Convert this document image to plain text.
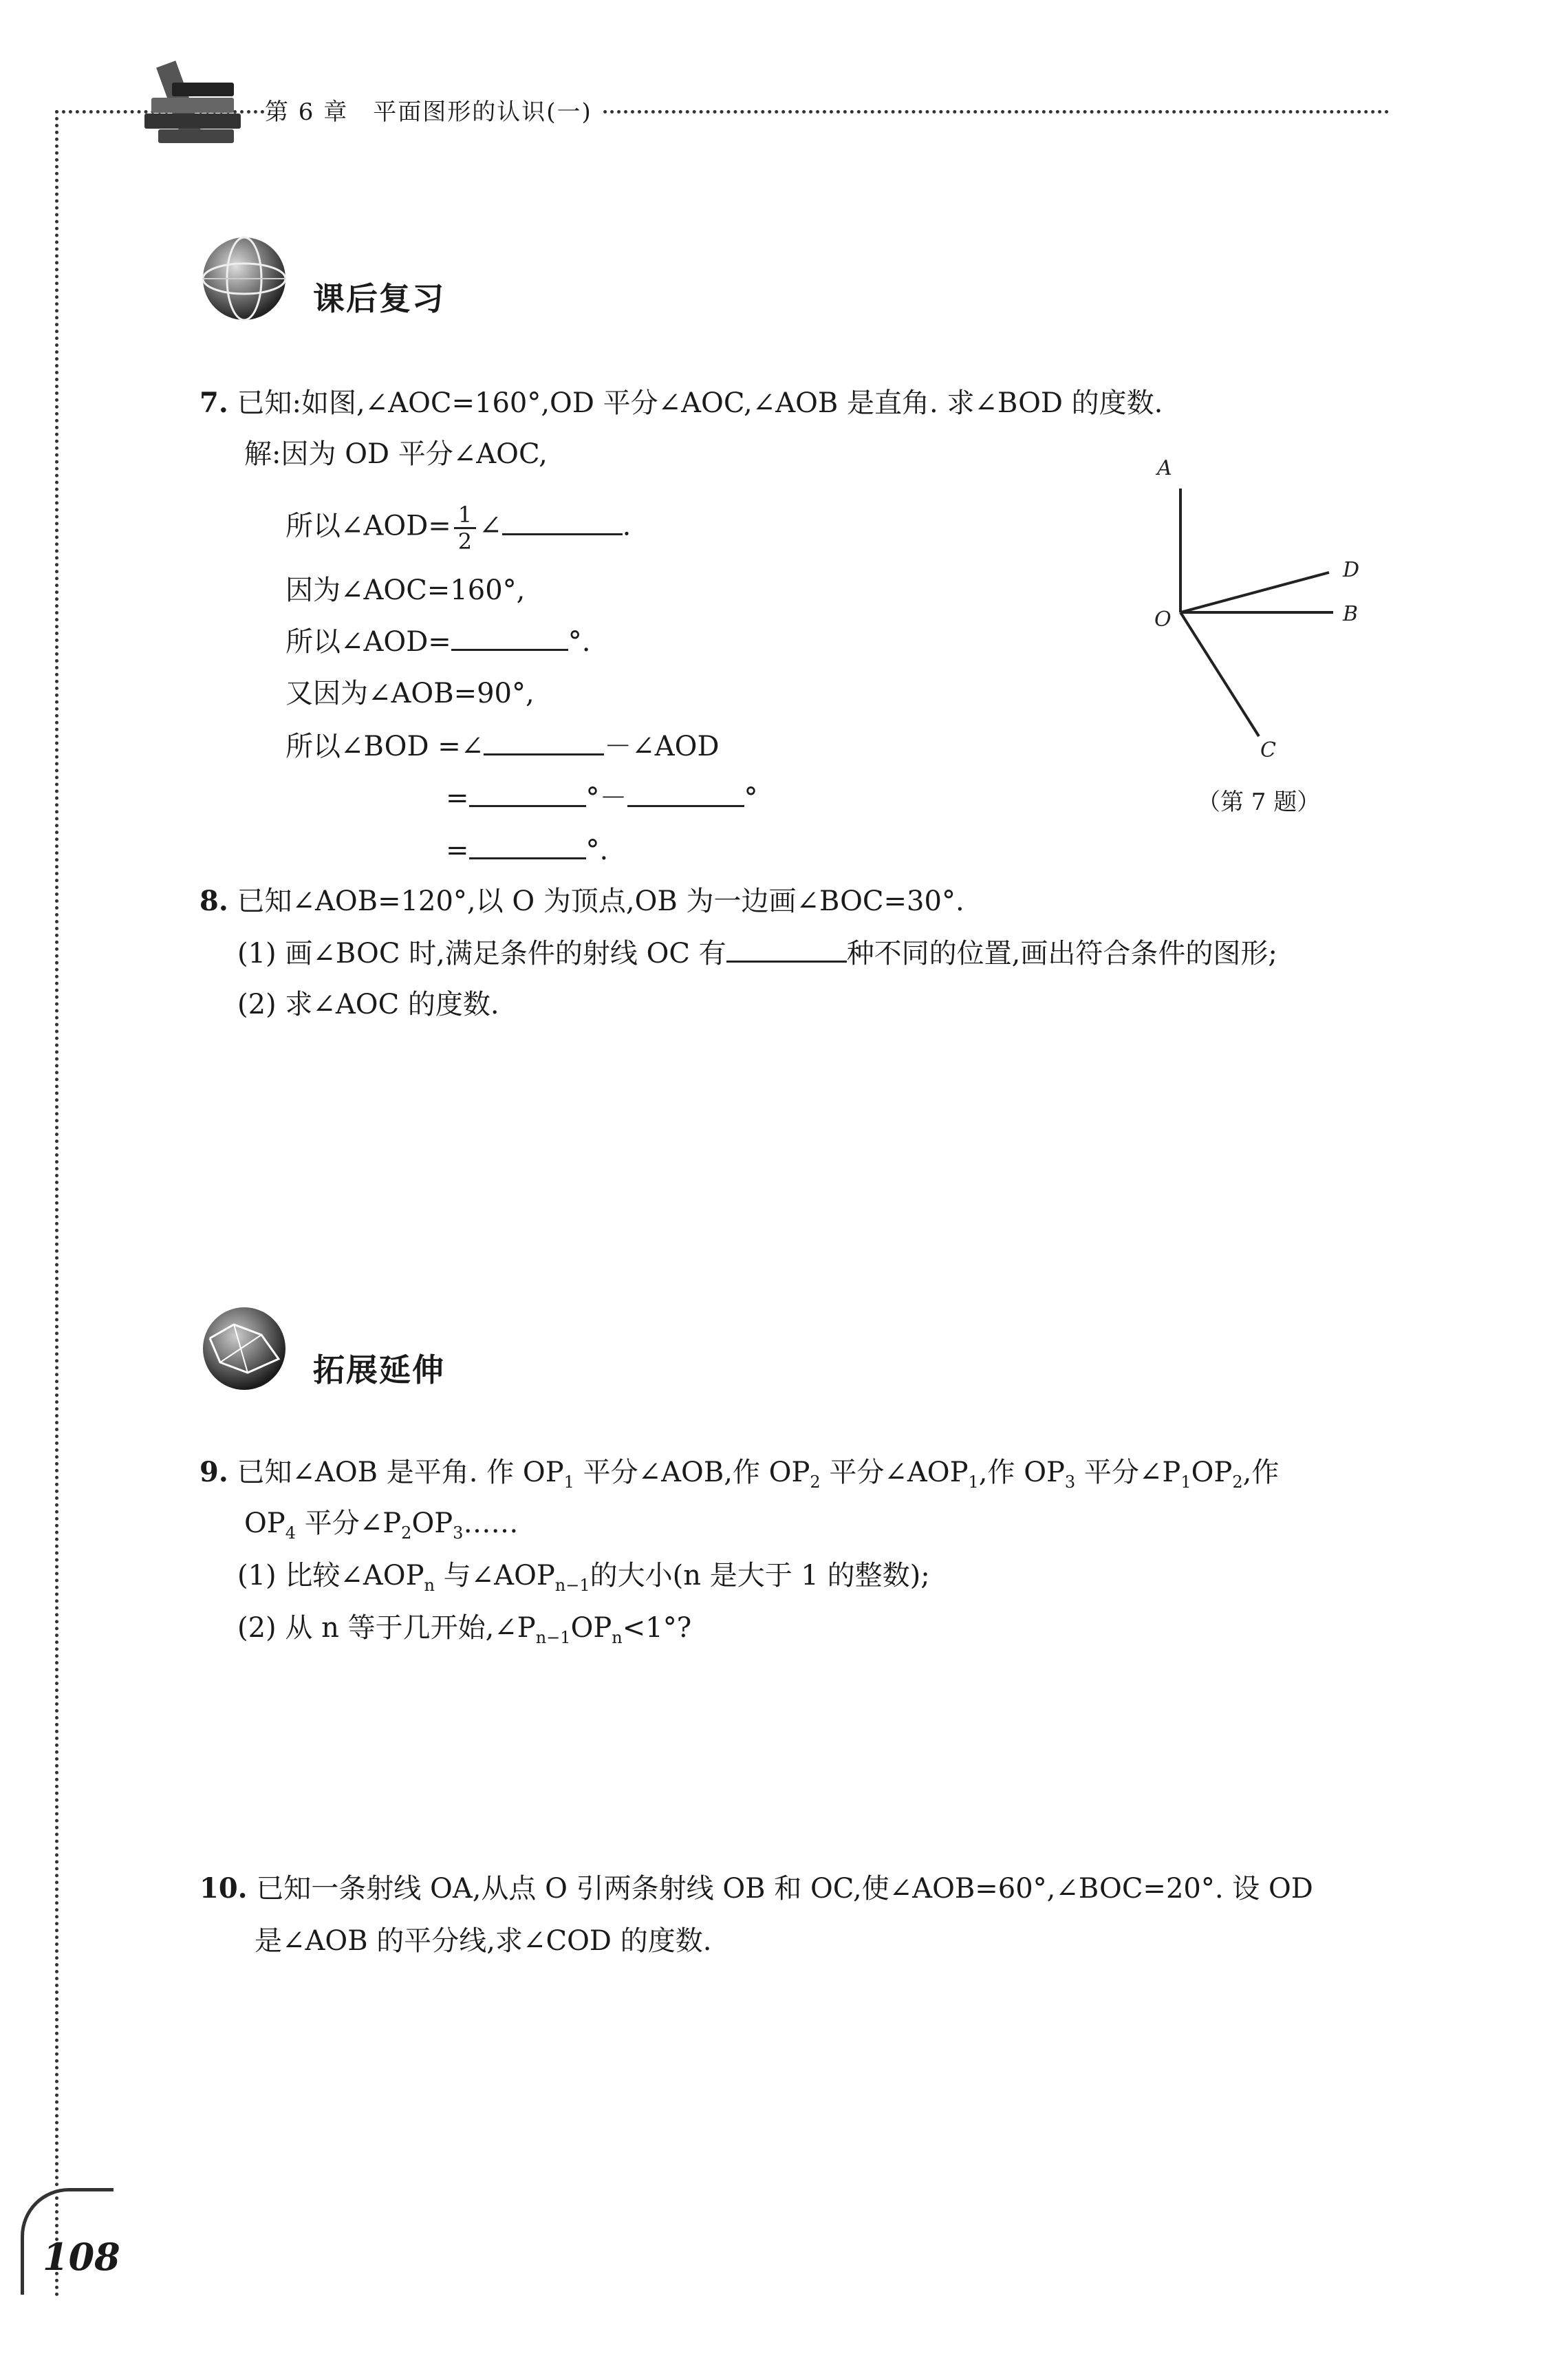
第 6 章　平面图形的认识(一)
课后复习
7. 已知:如图,∠AOC=160°,OD 平分∠AOC,∠AOB 是直角. 求∠BOD 的度数.
解:因为 OD 平分∠AOC,
所以∠AOD= $\frac{1}{2}$ ∠	.
因为∠AOC=160°,
所以∠AOD=	°.
又因为∠AOB=90°,
所以∠BOD =∠	－∠AOD
=	°－	°
=	°.
A
D
O	B
C
（第 7 题）
8. 已知∠AOB=120°,以 O 为顶点,OB 为一边画∠BOC=30°.
(1) 画∠BOC 时,满足条件的射线 OC 有	种不同的位置,画出符合条件的图形;
(2) 求∠AOC 的度数.
拓展延伸
9. 已知∠AOB 是平角. 作 $OP_1$ 平分∠AOB,作 $OP_2$ 平分$\angle AOP_1$,作 $OP_3$ 平分$\angle P_1OP_2$,作
$OP_4$ 平分$\angle P_2OP_3\dots\dots$
(1) 比较$\angle AOP_n$ 与$\angle AOP_{n-1}$的大小(n 是大于 1 的整数);
(2) 从 n 等于几开始$,\angle P_{n-1}OP_n<1^\circ$?
10. 已知一条射线 OA,从点 O 引两条射线 OB 和 OC,使∠AOB=60°,∠BOC=20°. 设 OD
是∠AOB 的平分线,求∠COD 的度数.
108
